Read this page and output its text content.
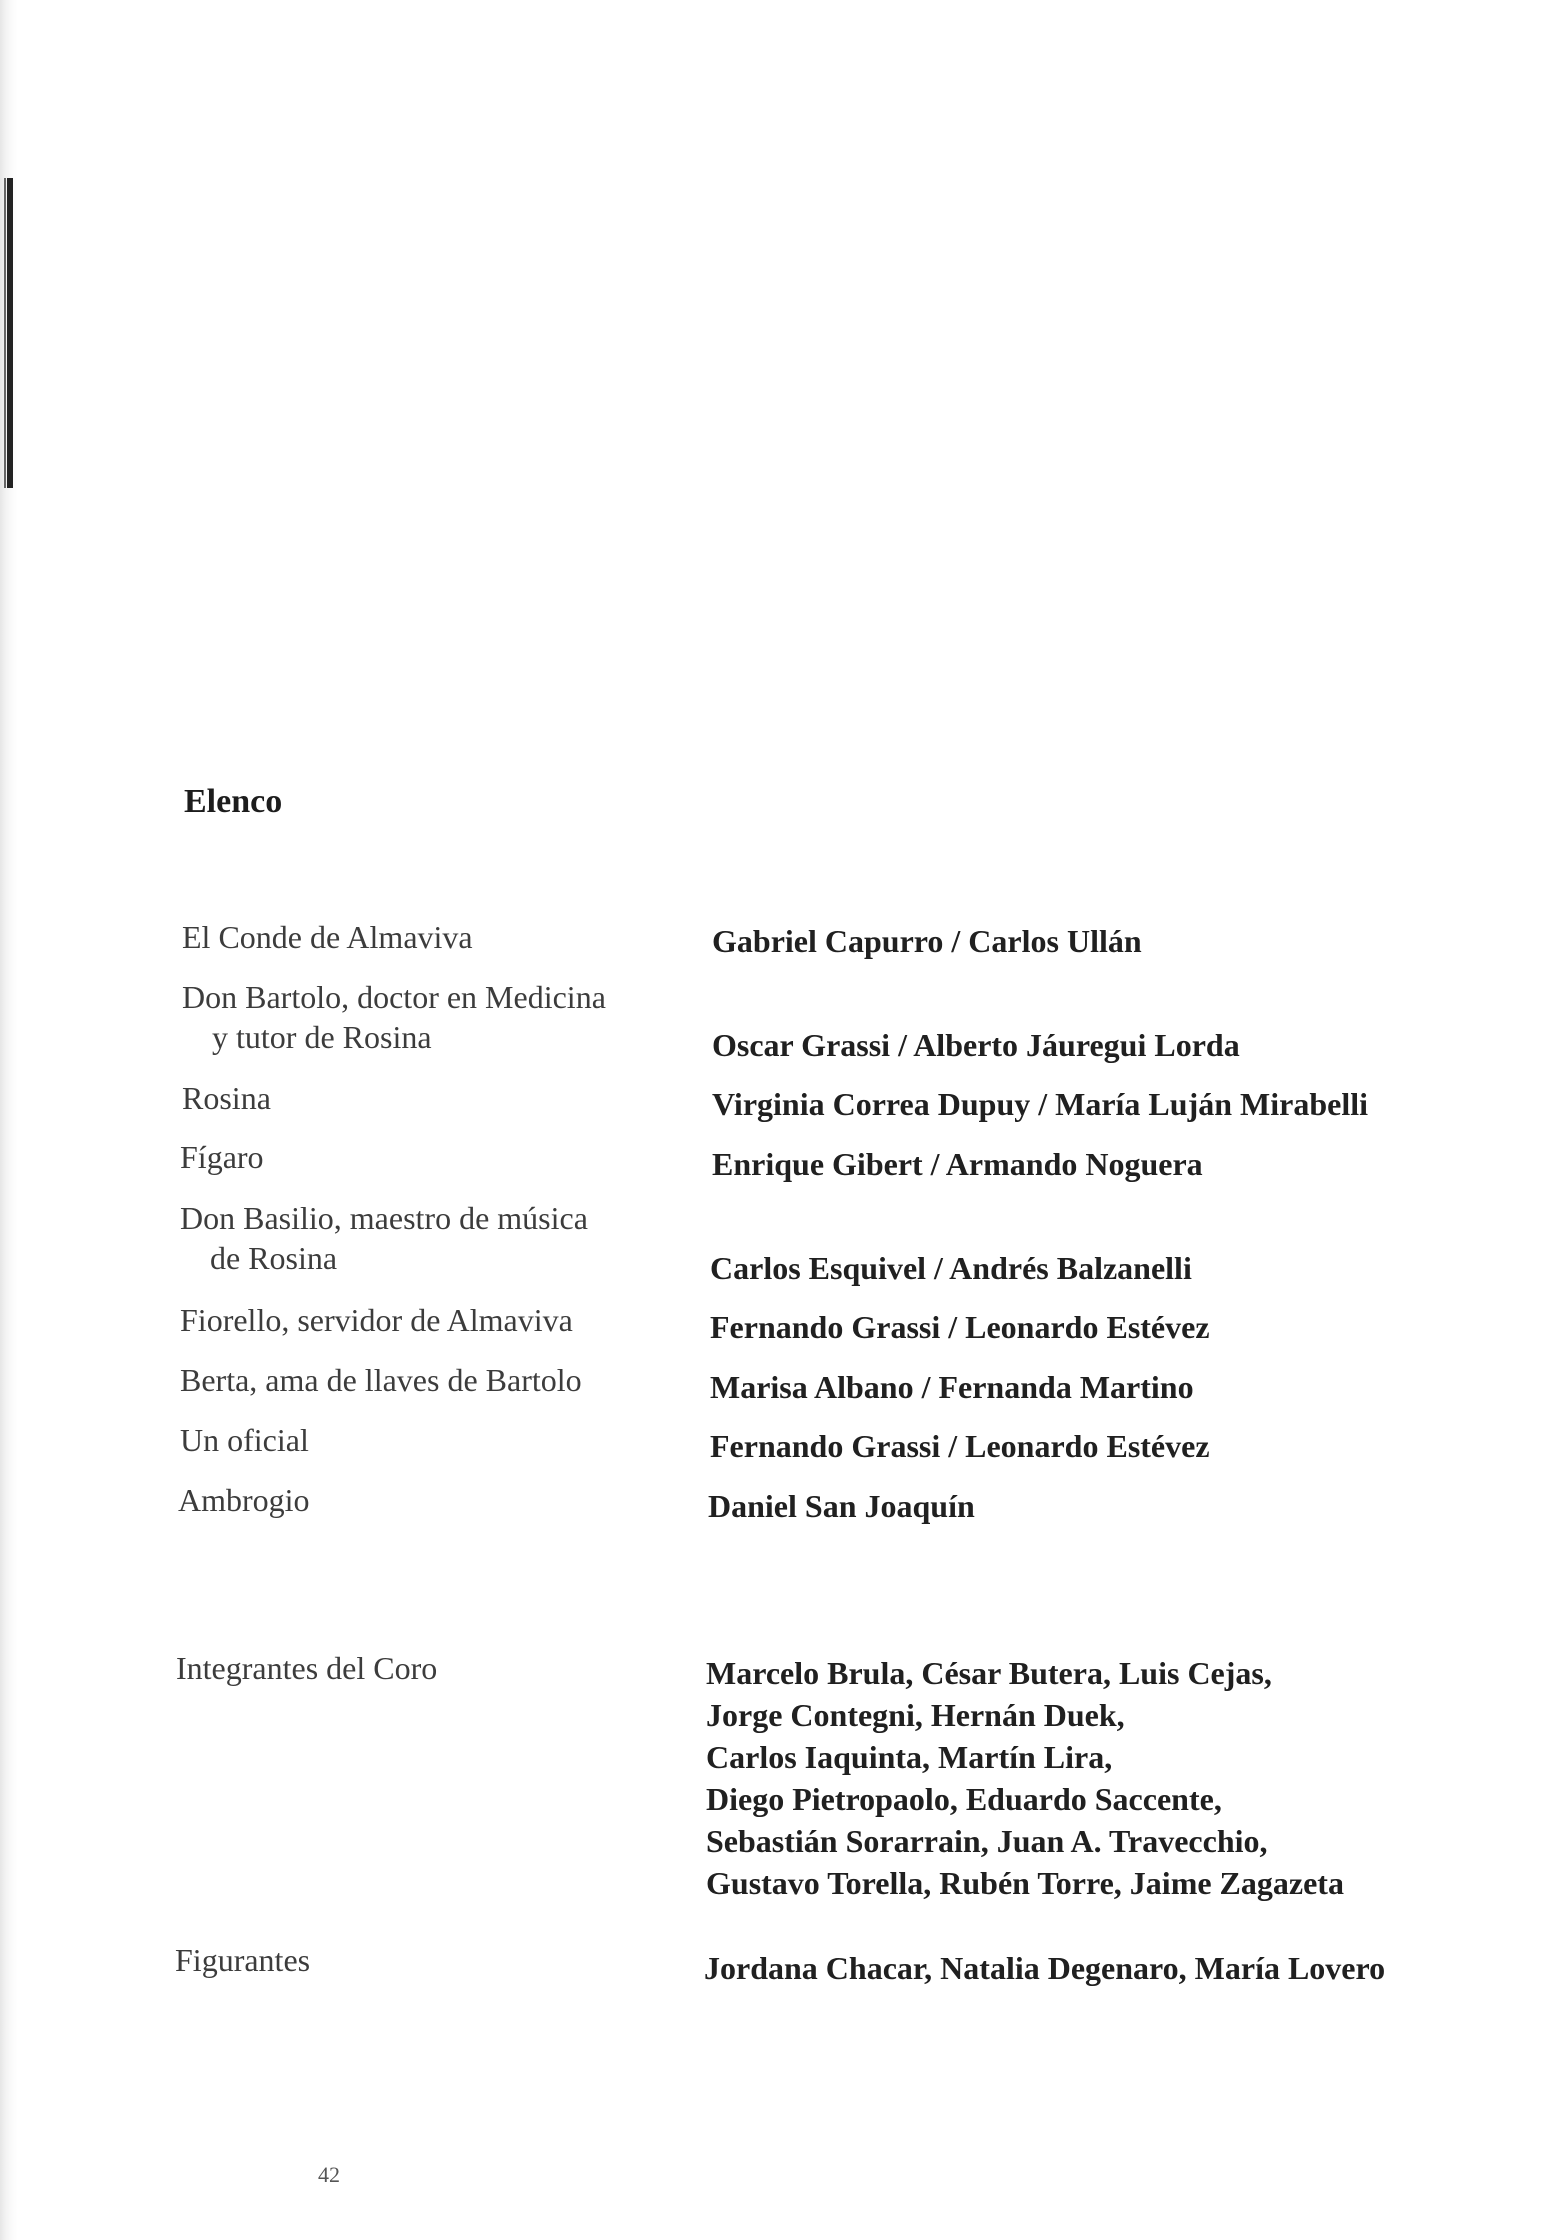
Elenco
El Conde de Almaviva
Don Bartolo, doctor en Medicina
y tutor de Rosina
Rosina
Fígaro
Don Basilio, maestro de música
de Rosina
Fiorello, servidor de Almaviva
Berta, ama de llaves de Bartolo
Un oficial
Ambrogio
Gabriel Capurro / Carlos Ullán
Oscar Grassi / Alberto Jáuregui Lorda
Virginia Correa Dupuy / María Luján Mirabelli
Enrique Gibert / Armando Noguera
Carlos Esquivel / Andrés Balzanelli
Fernando Grassi / Leonardo Estévez
Marisa Albano / Fernanda Martino
Fernando Grassi / Leonardo Estévez
Daniel San Joaquín
Integrantes del Coro	Marcelo Brula, César Butera, Luis Cejas,
Jorge Contegni, Hernán Duek,
Carlos Iaquinta, Martín Lira,
Diego Pietropaolo, Eduardo Saccente,
Sebastián Sorarrain, Juan A. Travecchio,
Gustavo Torella, Rubén Torre, Jaime Zagazeta
Figurantes	Jordana Chacar, Natalia Degenaro, María Lovero
42
